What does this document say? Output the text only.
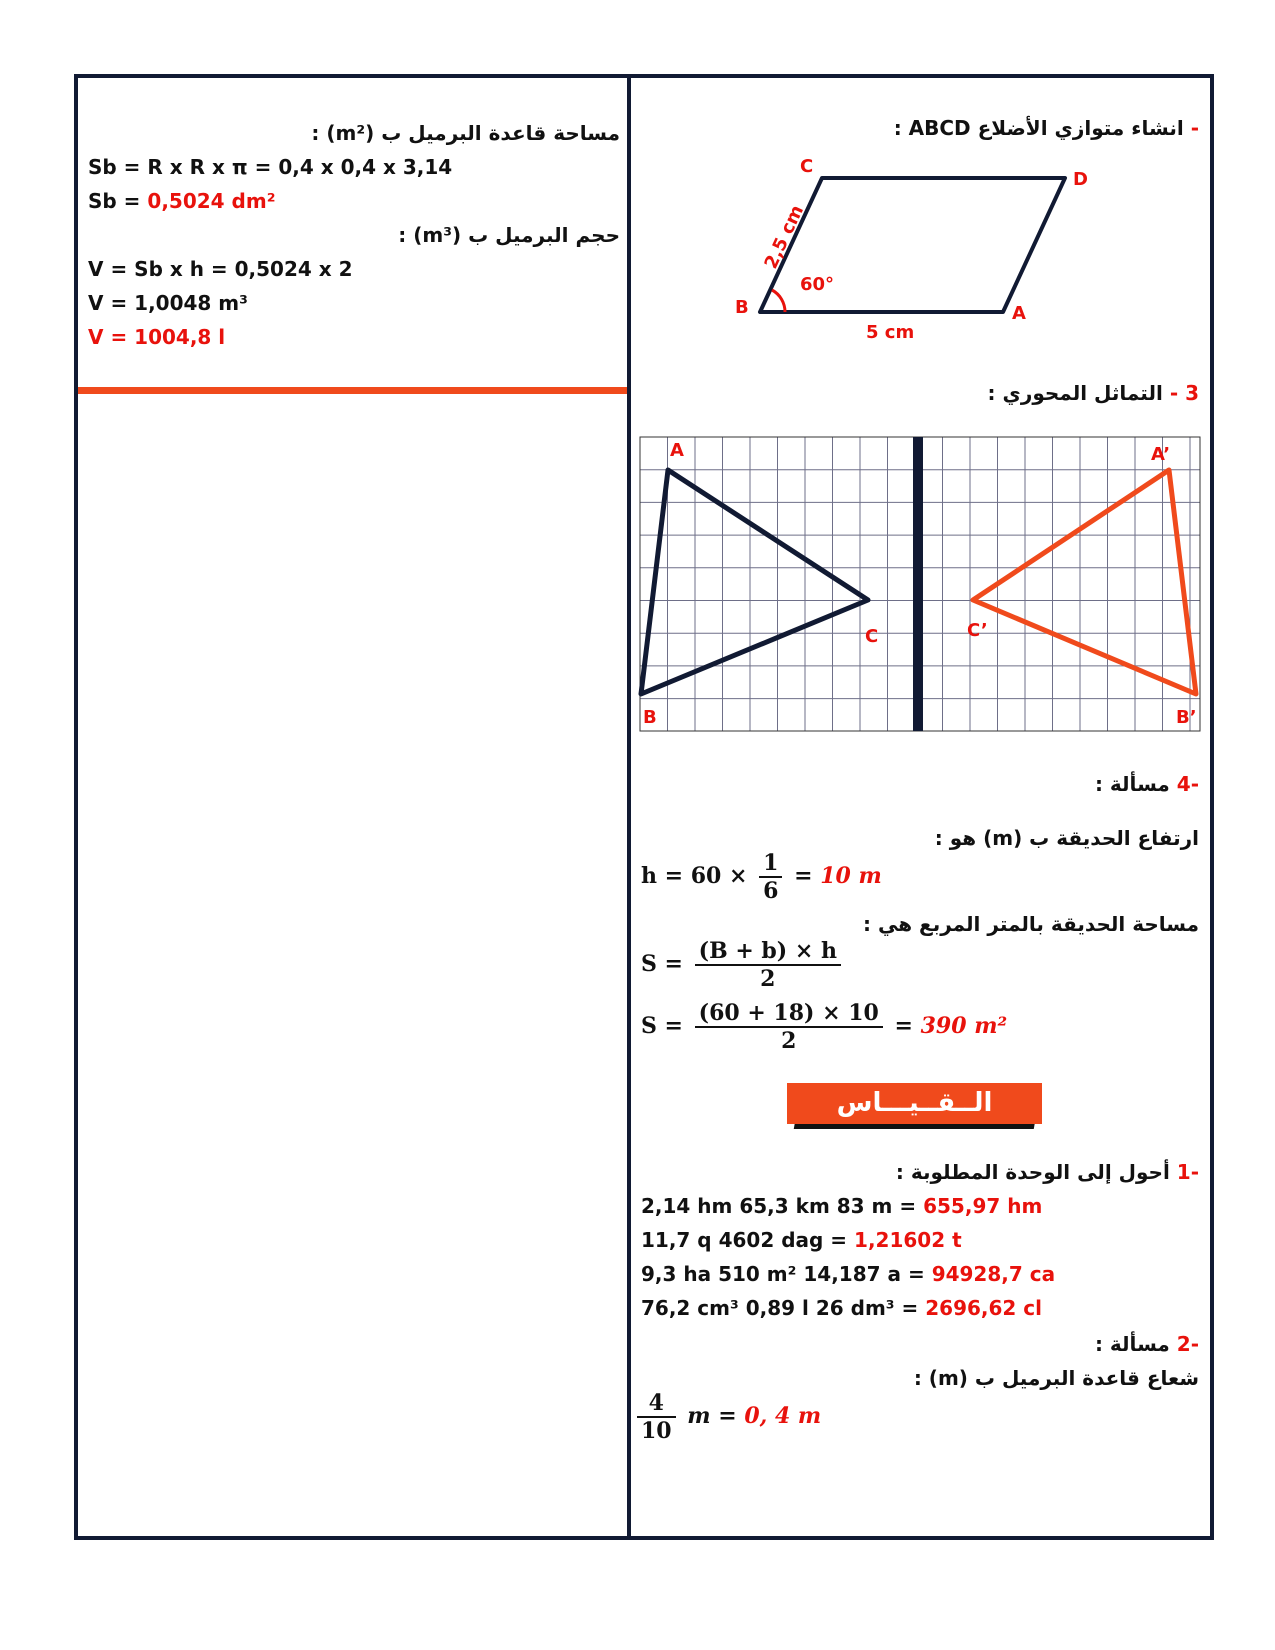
مساحة قاعدة البرميل ب (m²) :
Sb = R x R x π = 0,4 x 0,4 x 3,14
Sb = 0,5024 dm²
حجم البرميل ب (m³) :
V = Sb x h = 0,5024 x 2
V = 1,0048 m³
V = 1004,8 l
- انشاء متوازي الأضلاع ABCD :
B	A
C
D
60°
5 cm
2,5 cm
3 - التماثل المحوري :
A
B
C
A’
B’
C’
-4 مسألة :
ارتفاع الحديقة ب (m) هو :
$h = 60 \times \frac{1}{6} = 10$ m
مساحة الحديقة بالمتر المربع هي :
$S = \frac{(B + b) \times h}{2}$
$S = \frac{(60 + 18) \times 10}{2} = 390$ m²
الــقــيـــاس
-1 أحول إلى الوحدة المطلوبة :
2,14 hm 65,3 km 83 m = 655,97 hm
11,7 q 4602 dag = 1,21602 t
9,3 ha 510 m² 14,187 a = 94928,7 ca
76,2 cm³ 0,89 l 26 dm³ = 2696,62 cl
-2 مسألة :
شعاع قاعدة البرميل ب (m) :
$\frac{4}{10}$ m = 0, 4 m
